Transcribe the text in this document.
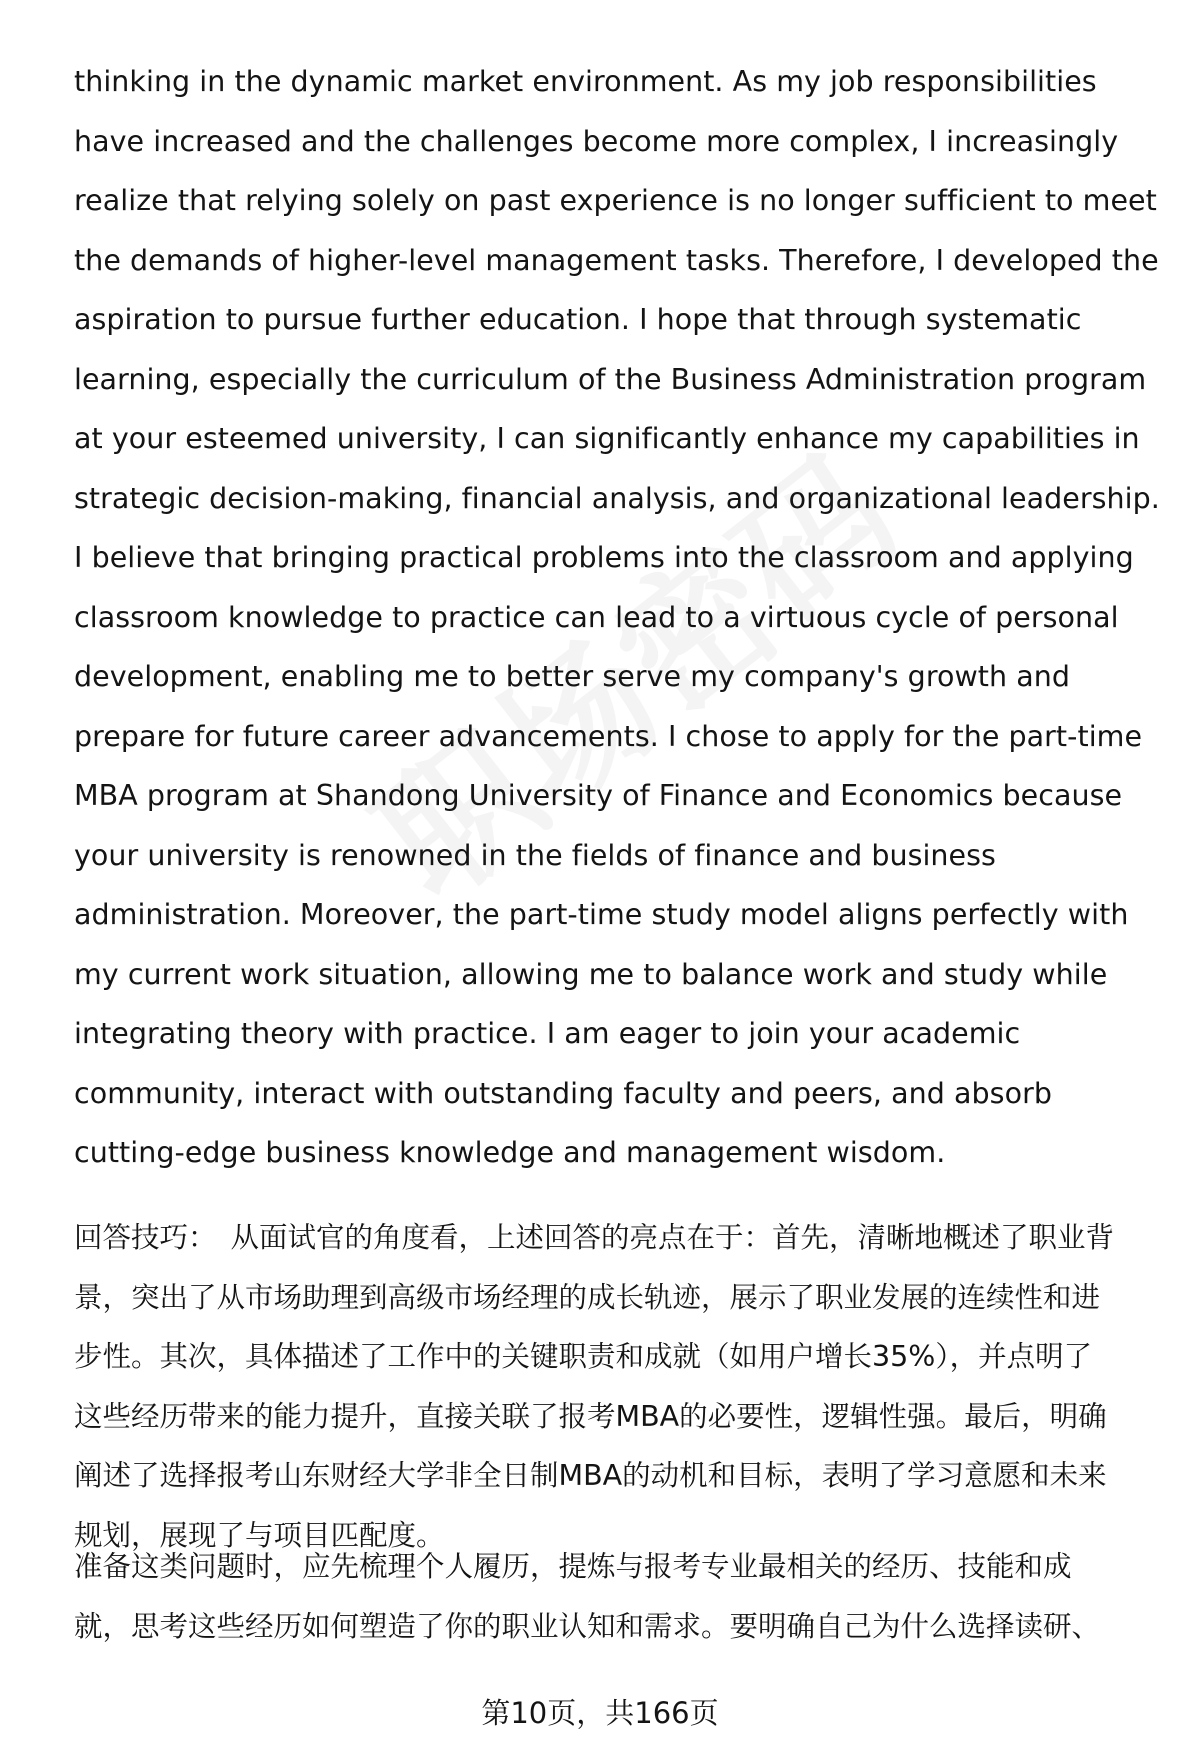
thinking in the dynamic market environment. As my job responsibilities
have increased and the challenges become more complex, I increasingly
realize that relying solely on past experience is no longer sufficient to meet
the demands of higher-level management tasks. Therefore, I developed the
aspiration to pursue further education. I hope that through systematic
learning, especially the curriculum of the Business Administration program
at your esteemed university, I can significantly enhance my capabilities in
strategic decision-making, financial analysis, and organizational leadership.
I believe that bringing practical problems into the classroom and applying
classroom knowledge to practice can lead to a virtuous cycle of personal
development, enabling me to better serve my company's growth and
prepare for future career advancements. I chose to apply for the part-time
MBA program at Shandong University of Finance and Economics because
your university is renowned in the fields of finance and business
administration. Moreover, the part-time study model aligns perfectly with
my current work situation, allowing me to balance work and study while
integrating theory with practice. I am eager to join your academic
community, interact with outstanding faculty and peers, and absorb
cutting-edge business knowledge and management wisdom.

回答技巧： 从面试官的角度看，上述回答的亮点在于：首先，清晰地概述了职业背
景，突出了从市场助理到高级市场经理的成长轨迹，展示了职业发展的连续性和进
步性。其次，具体描述了工作中的关键职责和成就（如用户增长35%），并点明了
这些经历带来的能力提升，直接关联了报考MBA的必要性，逻辑性强。最后，明确
阐述了选择报考山东财经大学非全日制MBA的动机和目标，表明了学习意愿和未来
规划，展现了与项目匹配度。
准备这类问题时，应先梳理个人履历，提炼与报考专业最相关的经历、技能和成
就，思考这些经历如何塑造了你的职业认知和需求。要明确自己为什么选择读研、
第10页，共166页
